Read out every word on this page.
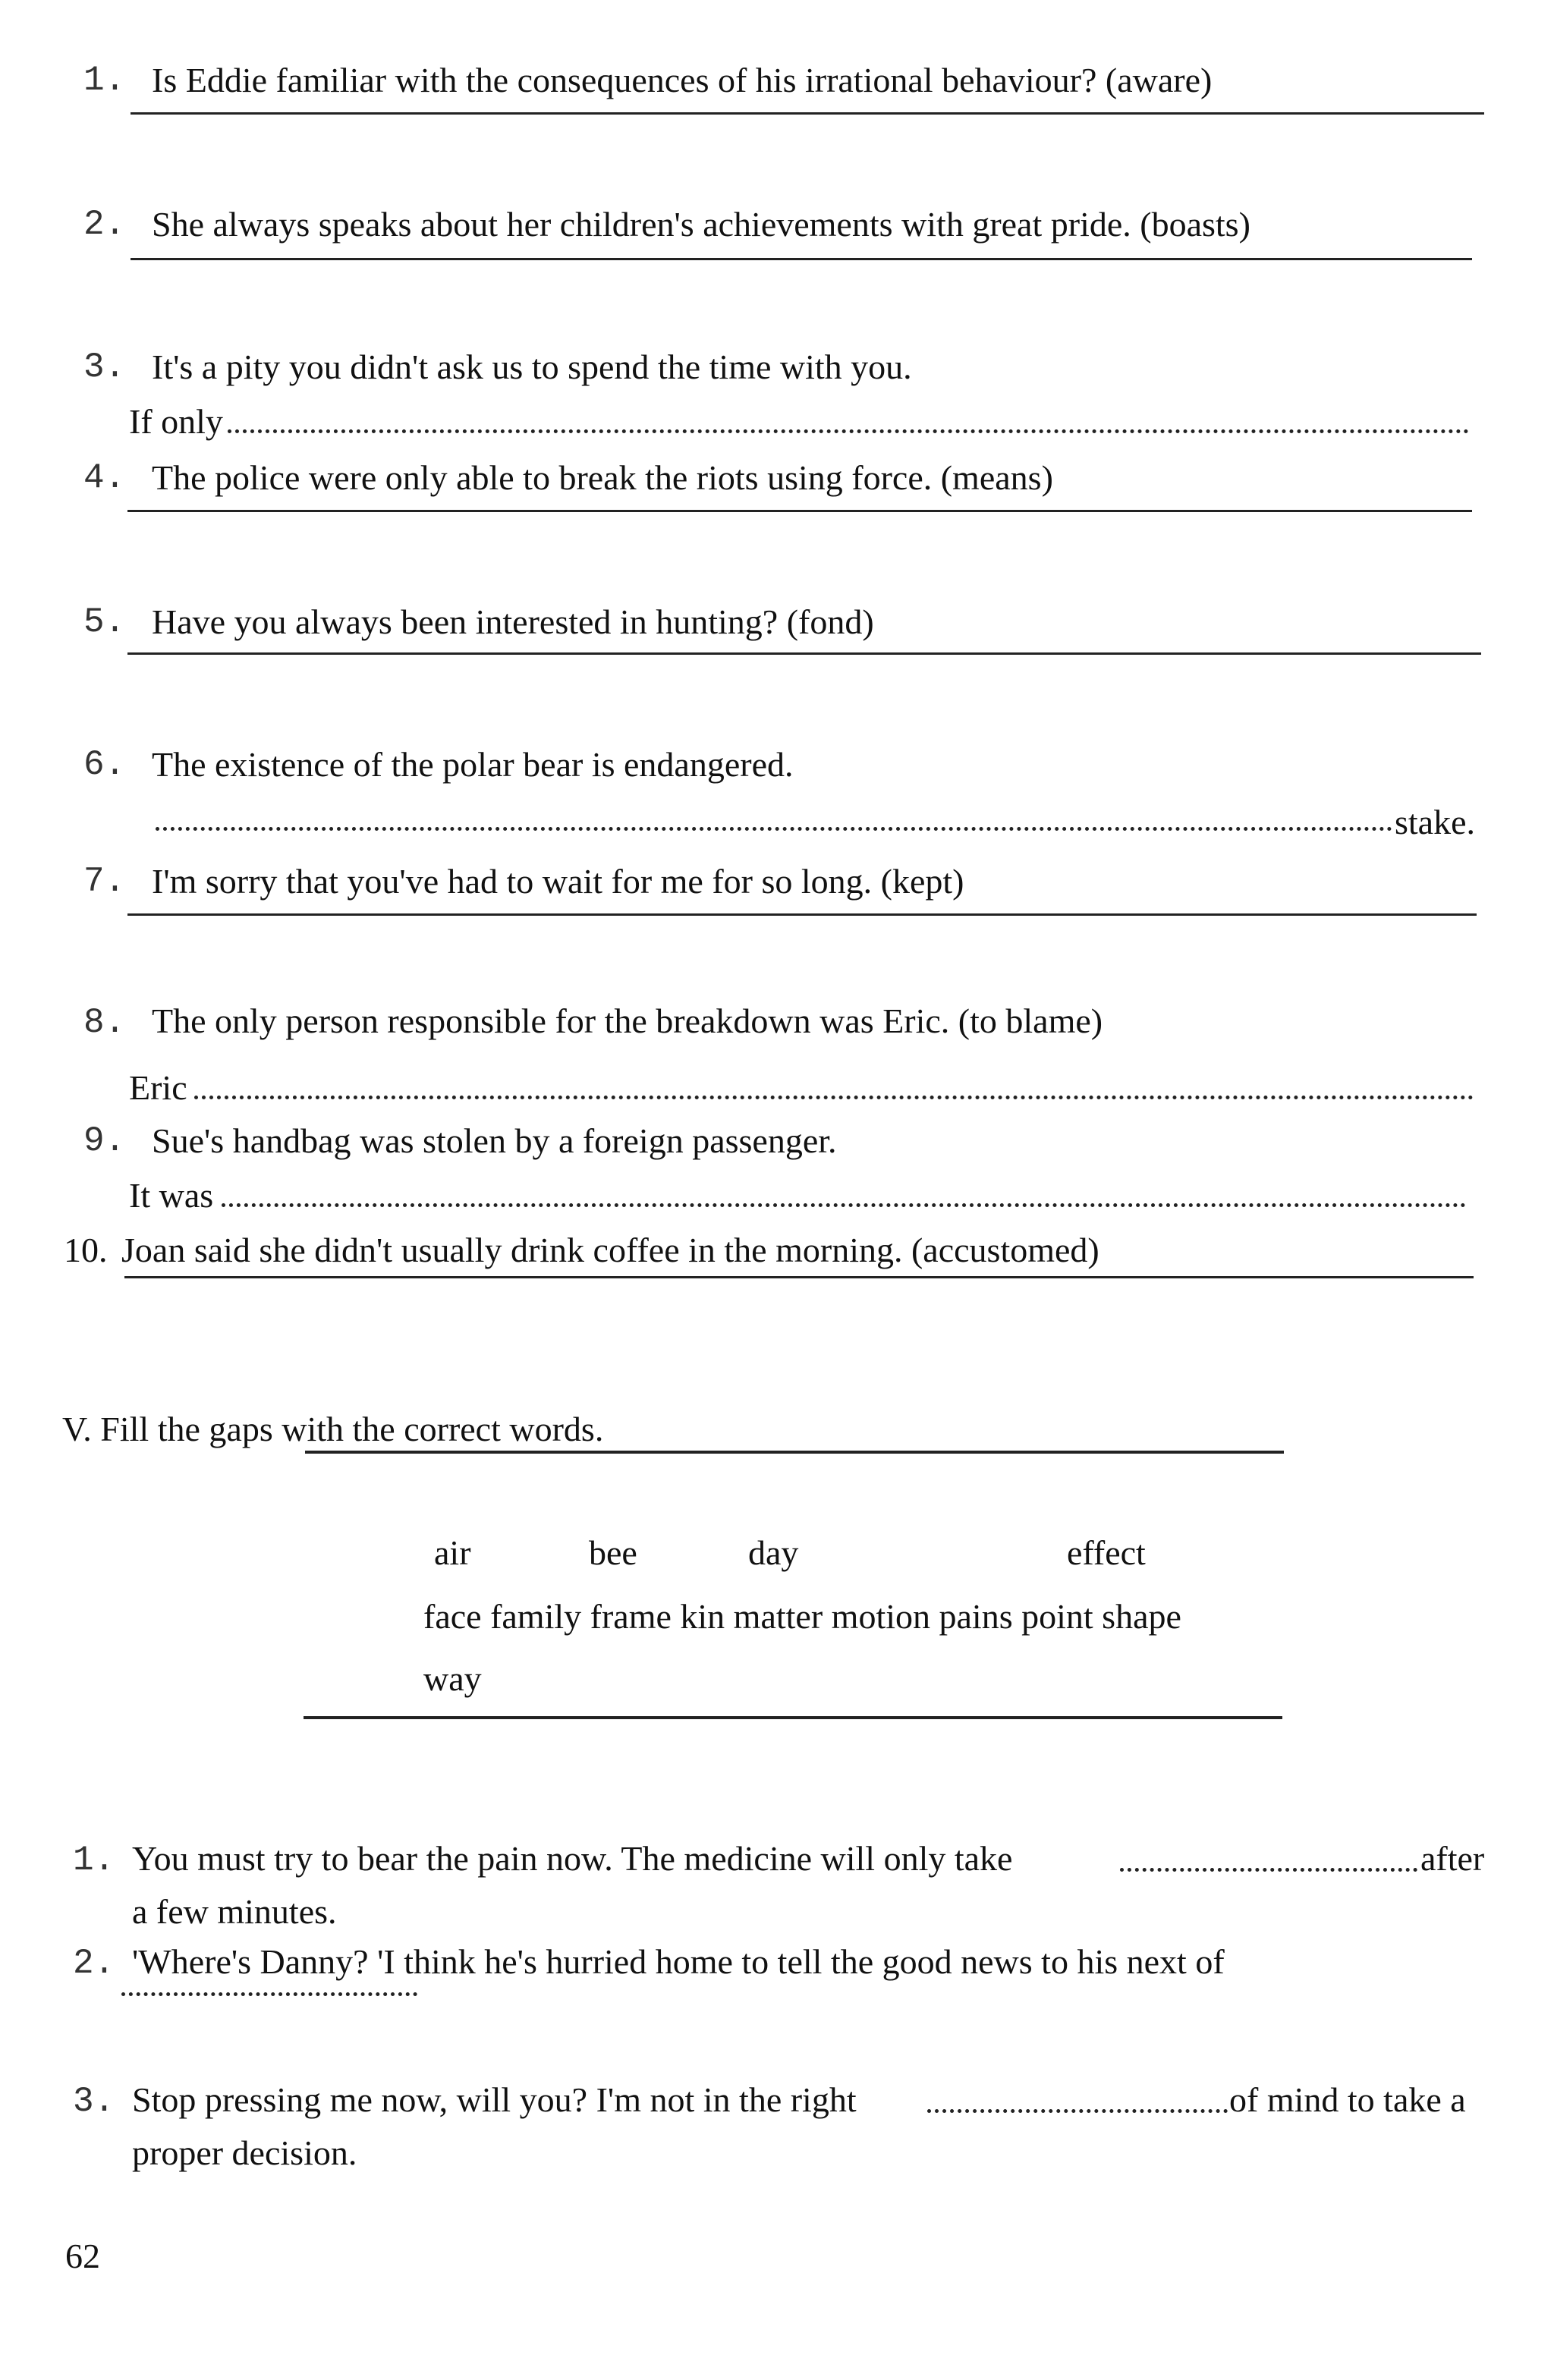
1. Is Eddie familiar with the consequences of his irrational behaviour? (aware)
2. She always speaks about her children's achievements with great pride. (boasts)
3. It's a pity you didn't ask us to spend the time with you.
If only
4. The police were only able to break the riots using force. (means)
5. Have you always been interested in hunting? (fond)
6. The existence of the polar bear is endangered.
stake.
7. I'm sorry that you've had to wait for me for so long. (kept)
8. The only person responsible for the breakdown was Eric. (to blame)
Eric
9. Sue's handbag was stolen by a foreign passenger.
It was
10. Joan said she didn't usually drink coffee in the morning. (accustomed)
V. Fill the gaps with the correct words.
air	bee	day	effect
face family frame kin matter motion pains point shape
way
1. You must try to bear the pain now. The medicine will only take	after
a few minutes.
2. 'Where's Danny? 'I think he's hurried home to tell the good news to his next of
3. Stop pressing me now, will you? I'm not in the right	of mind to take a
proper decision.
62
